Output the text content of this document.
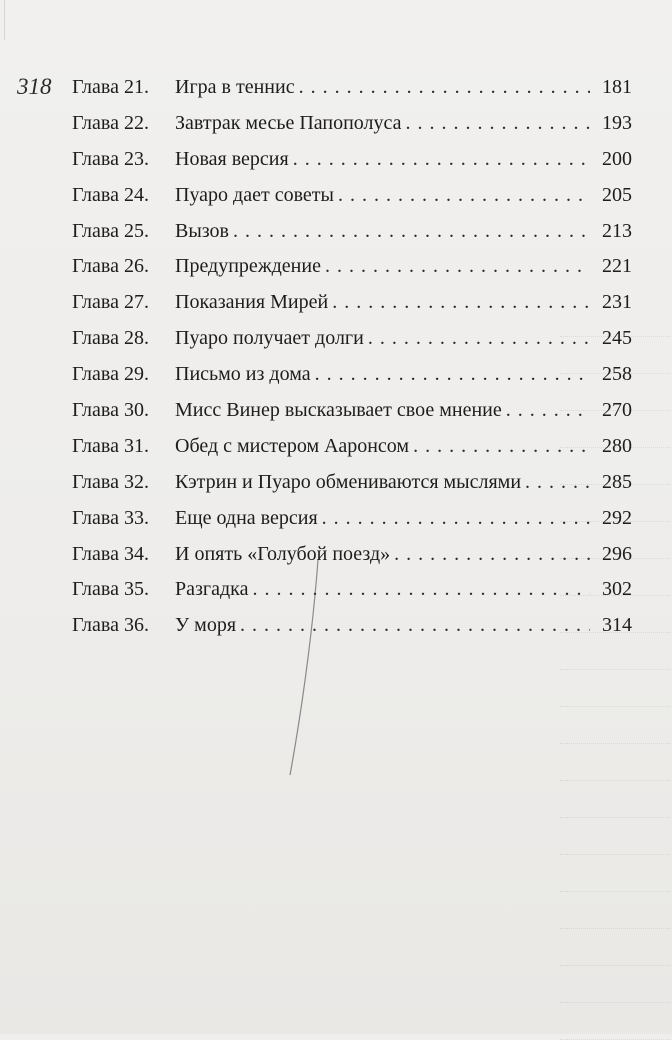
318 Глава 21.	Игра в теннис . . .	181
Глава 22.	Завтрак месье Папополуса . . .	193
Глава 23.	Новая версия . . .	200
Глава 24.	Пуаро дает советы . . .	205
Глава 25.	Вызов . . .	213
Глава 26.	Предупреждение . . .	221
Глава 27.	Показания Мирей . . .	231
Глава 28.	Пуаро получает долги . . .	245
Глава 29.	Письмо из дома . . .	258
Глава 30.	Мисс Винер высказывает свое мнение . . .	270
Глава 31.	Обед с мистером Ааронсом . . .	280
Глава 32.	Кэтрин и Пуаро обмениваются мыслями . . .	285
Глава 33.	Еще одна версия . . .	292
Глава 34.	И опять «Голубой поезд» . . .	296
Глава 35.	Разгадка . . .	302
Глава 36.	У моря . . .	314
